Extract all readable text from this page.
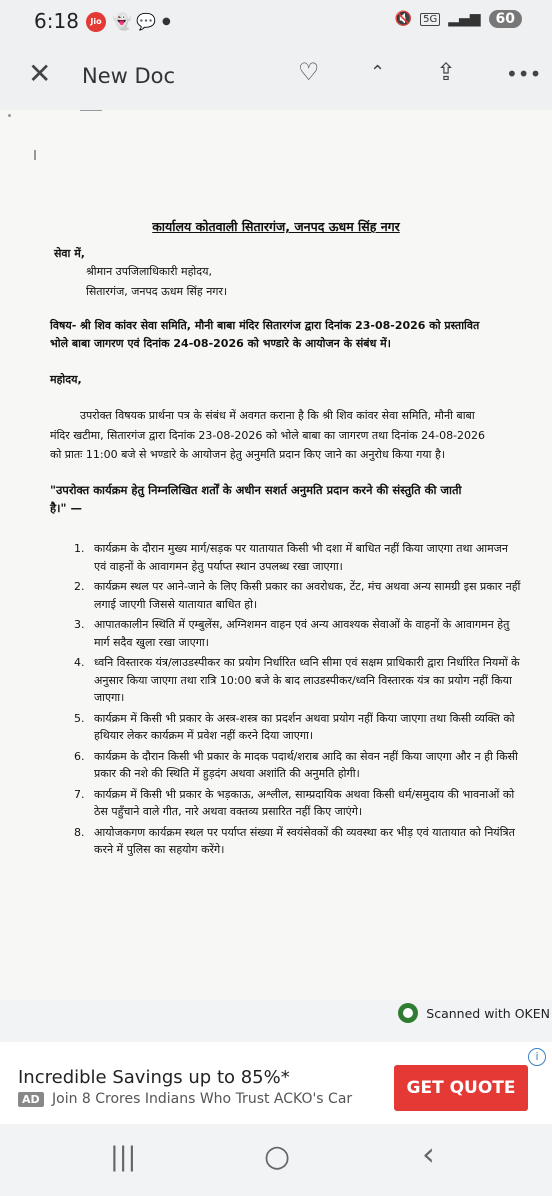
6:18	Jio 👻 💬 ●	🔇	5G ▂▄▆	60
✕ New Doc	♡	⌃ ⇪ •••
कार्यालय कोतवाली सितारगंज, जनपद ऊधम सिंह नगर
सेवा में,
श्रीमान उपजिलाधिकारी महोदय,
सितारगंज, जनपद ऊधम सिंह नगर।
विषय- श्री शिव कांवर सेवा समिति, मौनी बाबा मंदिर सितारगंज द्वारा दिनांक 23-08-2026 को प्रस्तावित
भोले बाबा जागरण एवं दिनांक 24-08-2026 को भण्डारे के आयोजन के संबंध में।
महोदय,
उपरोक्त विषयक प्रार्थना पत्र के संबंध में अवगत कराना है कि श्री शिव कांवर सेवा समिति, मौनी बाबा
मंदिर खटीमा, सितारगंज द्वारा दिनांक 23-08-2026 को भोले बाबा का जागरण तथा दिनांक 24-08-2026
को प्रातः 11:00 बजे से भण्डारे के आयोजन हेतु अनुमति प्रदान किए जाने का अनुरोध किया गया है।
"उपरोक्त कार्यक्रम हेतु निम्नलिखित शर्तों के अधीन सशर्त अनुमति प्रदान करने की संस्तुति की जाती
है।" —
1. कार्यक्रम के दौरान मुख्य मार्ग/सड़क पर यातायात किसी भी दशा में बाधित नहीं किया जाएगा तथा आमजन एवं वाहनों के आवागमन हेतु पर्याप्त स्थान उपलब्ध रखा जाएगा।
2. कार्यक्रम स्थल पर आने-जाने के लिए किसी प्रकार का अवरोधक, टेंट, मंच अथवा अन्य सामग्री इस प्रकार नहीं लगाई जाएगी जिससे यातायात बाधित हो।
3. आपातकालीन स्थिति में एम्बुलेंस, अग्निशमन वाहन एवं अन्य आवश्यक सेवाओं के वाहनों के आवागमन हेतु मार्ग सदैव खुला रखा जाएगा।
4. ध्वनि विस्तारक यंत्र/लाउडस्पीकर का प्रयोग निर्धारित ध्वनि सीमा एवं सक्षम प्राधिकारी द्वारा निर्धारित नियमों के अनुसार किया जाएगा तथा रात्रि 10:00 बजे के बाद लाउडस्पीकर/ध्वनि विस्तारक यंत्र का प्रयोग नहीं किया जाएगा।
5. कार्यक्रम में किसी भी प्रकार के अस्त्र-शस्त्र का प्रदर्शन अथवा प्रयोग नहीं किया जाएगा तथा किसी व्यक्ति को हथियार लेकर कार्यक्रम में प्रवेश नहीं करने दिया जाएगा।
6. कार्यक्रम के दौरान किसी भी प्रकार के मादक पदार्थ/शराब आदि का सेवन नहीं किया जाएगा और न ही किसी प्रकार की नशे की स्थिति में हुड़दंग अथवा अशांति की अनुमति होगी।
7. कार्यक्रम में किसी भी प्रकार के भड़काऊ, अश्लील, साम्प्रदायिक अथवा किसी धर्म/समुदाय की भावनाओं को ठेस पहुँचाने वाले गीत, नारे अथवा वक्तव्य प्रसारित नहीं किए जाएंगे।
8. आयोजकगण कार्यक्रम स्थल पर पर्याप्त संख्या में स्वयंसेवकों की व्यवस्था कर भीड़ एवं यातायात को नियंत्रित करने में पुलिस का सहयोग करेंगे।
Scanned with OKEN
i
Incredible Savings up to 85%*
AD Join 8 Crores Indians Who Trust ACKO's Car
GET QUOTE
|||	○	‹
